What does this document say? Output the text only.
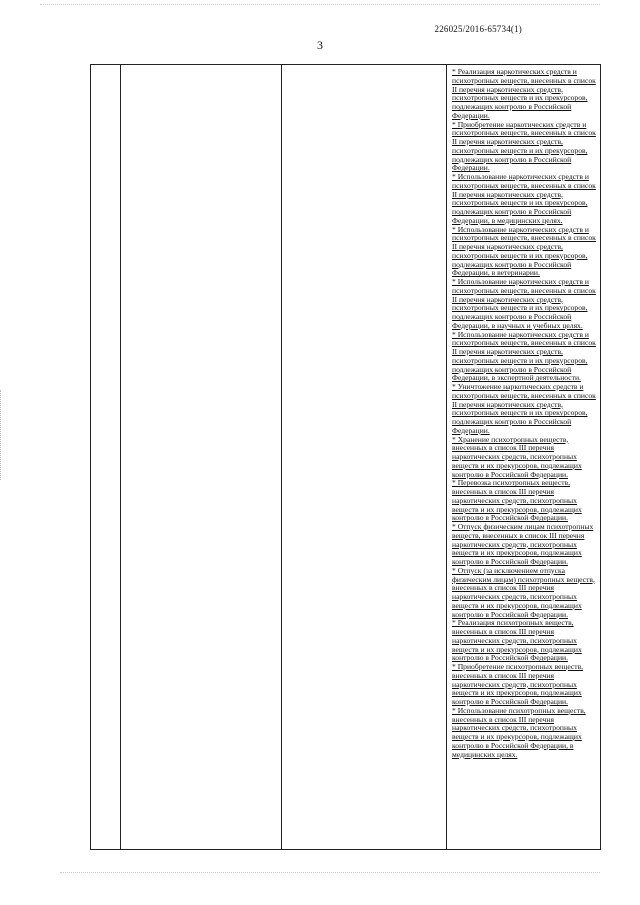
226025/2016-65734(1)
3

* Реализация наркотических средств и психотропных веществ, внесенных в список II перечня наркотических средств, психотропных веществ и их прекурсоров, подлежащих контролю в Российской Федерации.

* Приобретение наркотических средств и психотропных веществ, внесенных в список II перечня наркотических средств, психотропных веществ и их прекурсоров, подлежащих контролю в Российской Федерации.

* Использование наркотических средств и психотропных веществ, внесенных в список II перечня наркотических средств, психотропных веществ и их прекурсоров, подлежащих контролю в Российской Федерации, в медицинских целях.

* Использование наркотических средств и психотропных веществ, внесенных в список II перечня наркотических средств, психотропных веществ и их прекурсоров, подлежащих контролю в Российской Федерации, в ветеринарии.

* Использование наркотических средств и психотропных веществ, внесенных в список II перечня наркотических средств, психотропных веществ и их прекурсоров, подлежащих контролю в Российской Федерации, в научных и учебных целях.

* Использование наркотических средств и психотропных веществ, внесенных в список II перечня наркотических средств, психотропных веществ и их прекурсоров, подлежащих контролю в Российской Федерации, в экспертной деятельности.

* Уничтожение наркотических средств и психотропных веществ, внесенных в список II перечня наркотических средств, психотропных веществ и их прекурсоров, подлежащих контролю в Российской Федерации.

* Хранение психотропных веществ, внесенных в список III перечня наркотических средств, психотропных веществ и их прекурсоров, подлежащих контролю в Российской Федерации.

* Перевозка психотропных веществ, внесенных в список III перечня наркотических средств, психотропных веществ и их прекурсоров, подлежащих контролю в Российской Федерации.

* Отпуск физическим лицам психотропных веществ, внесенных в список III перечня наркотических средств, психотропных веществ и их прекурсоров, подлежащих контролю в Российской Федерации.

* Отпуск (за исключением отпуска физическим лицам) психотропных веществ, внесенных в список III перечня наркотических средств, психотропных веществ и их прекурсоров, подлежащих контролю в Российской Федерации.

* Реализация психотропных веществ, внесенных в список III перечня наркотических средств, психотропных веществ и их прекурсоров, подлежащих контролю в Российской Федерации.

* Приобретение психотропных веществ, внесенных в список III перечня наркотических средств, психотропных веществ и их прекурсоров, подлежащих контролю в Российской Федерации.

* Использование психотропных веществ, внесенных в список III перечня наркотических средств, психотропных веществ и их прекурсоров, подлежащих контролю в Российской Федерации, в медицинских целях.
